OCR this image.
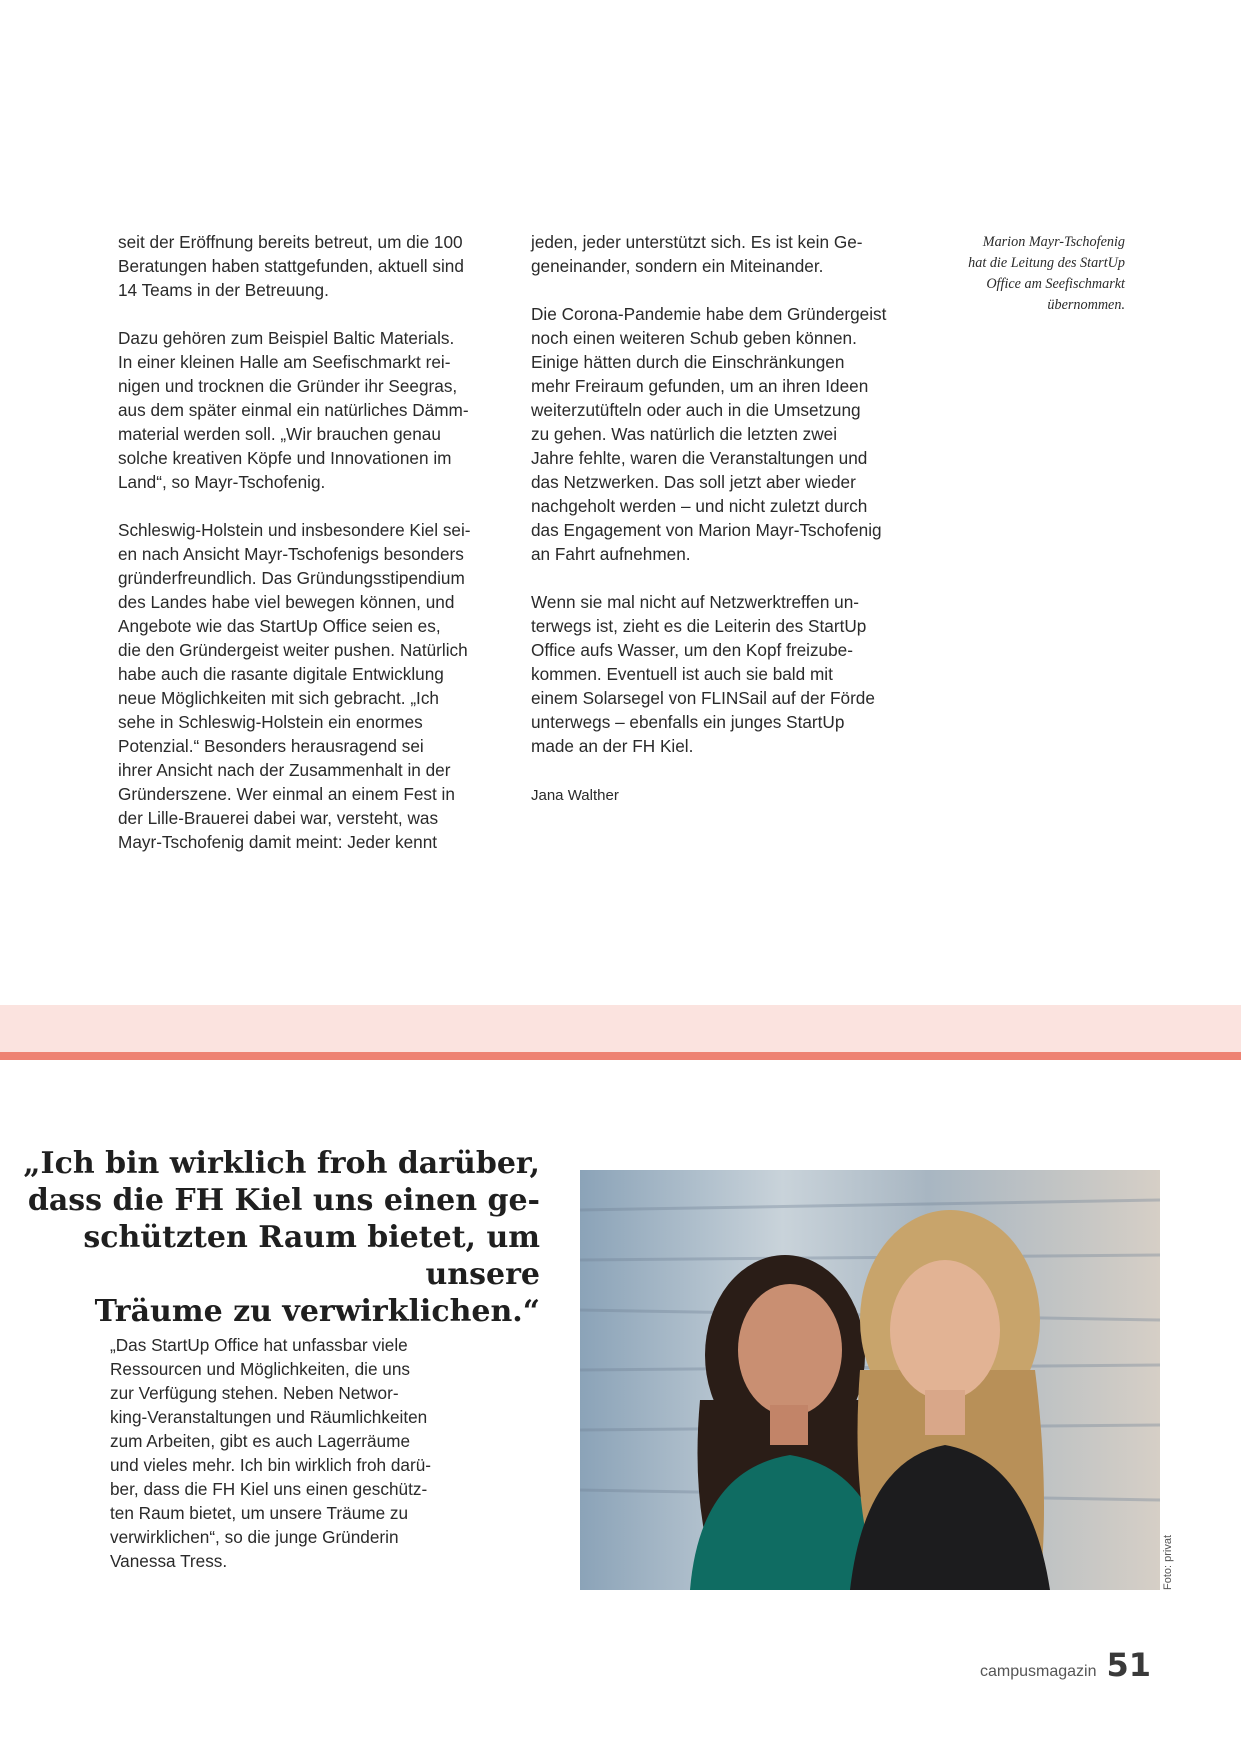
seit der Eröffnung bereits betreut, um die 100
Beratungen haben stattgefunden, aktuell sind
14 Teams in der Betreuung.

Dazu gehören zum Beispiel Baltic Materials.
In einer kleinen Halle am Seefischmarkt rei-
nigen und trocknen die Gründer ihr Seegras,
aus dem später einmal ein natürliches Dämm-
material werden soll. „Wir brauchen genau
solche kreativen Köpfe und Innovationen im
Land“, so Mayr-Tschofenig.

Schleswig-Holstein und insbesondere Kiel sei-
en nach Ansicht Mayr-Tschofenigs besonders
gründerfreundlich. Das Gründungsstipendium
des Landes habe viel bewegen können, und
Angebote wie das StartUp Office seien es,
die den Gründergeist weiter pushen. Natürlich
habe auch die rasante digitale Entwicklung
neue Möglichkeiten mit sich gebracht. „Ich
sehe in Schleswig-Holstein ein enormes
Potenzial.“ Besonders herausragend sei
ihrer Ansicht nach der Zusammenhalt in der
Gründerszene. Wer einmal an einem Fest in
der Lille-Brauerei dabei war, versteht, was
Mayr-Tschofenig damit meint: Jeder kennt

jeden, jeder unterstützt sich. Es ist kein Ge-
geneinander, sondern ein Miteinander.

Die Corona-Pandemie habe dem Gründergeist
noch einen weiteren Schub geben können.
Einige hätten durch die Einschränkungen
mehr Freiraum gefunden, um an ihren Ideen
weiterzutüfteln oder auch in die Umsetzung
zu gehen. Was natürlich die letzten zwei
Jahre fehlte, waren die Veranstaltungen und
das Netzwerken. Das soll jetzt aber wieder
nachgeholt werden – und nicht zuletzt durch
das Engagement von Marion Mayr-Tschofenig
an Fahrt aufnehmen.

Wenn sie mal nicht auf Netzwerktreffen un-
terwegs ist, zieht es die Leiterin des StartUp
Office aufs Wasser, um den Kopf freizube-
kommen. Eventuell ist auch sie bald mit
einem Solarsegel von FLINSail auf der Förde
unterwegs – ebenfalls ein junges StartUp
made an der FH Kiel.

Jana Walther
Marion Mayr-Tschofenig
hat die Leitung des StartUp
Office am Seefischmarkt
übernommen.
„Ich bin wirklich froh darüber,
dass die FH Kiel uns einen ge-
schützten Raum bietet, um unsere
Träume zu verwirklichen.“
„Das StartUp Office hat unfassbar viele
Ressourcen und Möglichkeiten, die uns
zur Verfügung stehen. Neben Networ-
king-Veranstaltungen und Räumlichkeiten
zum Arbeiten, gibt es auch Lagerräume
und vieles mehr. Ich bin wirklich froh darü-
ber, dass die FH Kiel uns einen geschütz-
ten Raum bietet, um unsere Träume zu
verwirklichen“, so die junge Gründerin
Vanessa Tress.	Foto: privat
campusmagazin 51
